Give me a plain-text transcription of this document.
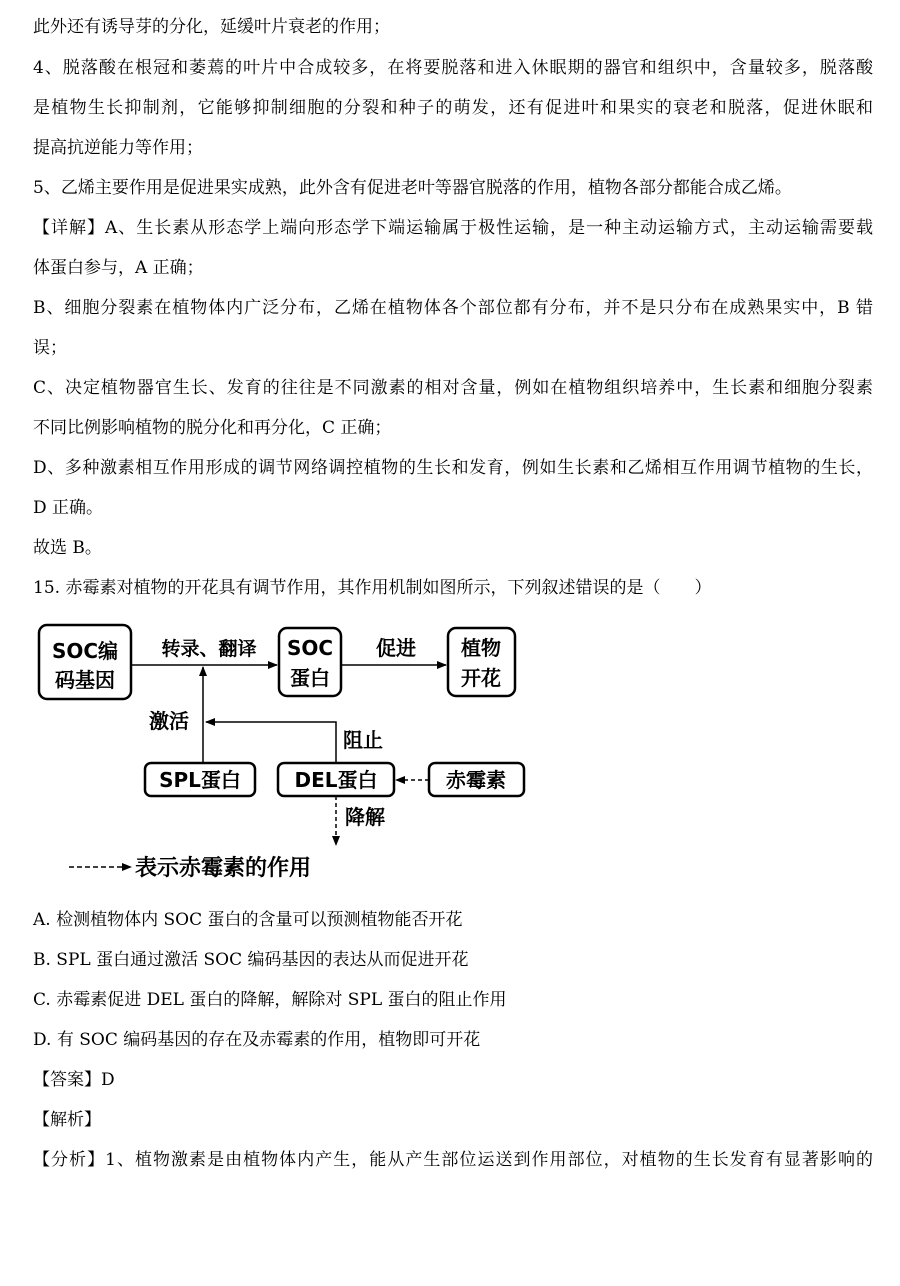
此外还有诱导芽的分化，延缓叶片衰老的作用；
4、脱落酸在根冠和萎蔫的叶片中合成较多，在将要脱落和进入休眠期的器官和组织中，含量较多，脱落酸
是植物生长抑制剂，它能够抑制细胞的分裂和种子的萌发，还有促进叶和果实的衰老和脱落，促进休眠和
提高抗逆能力等作用；
5、乙烯主要作用是促进果实成熟，此外含有促进老叶等器官脱落的作用，植物各部分都能合成乙烯。
【详解】A、生长素从形态学上端向形态学下端运输属于极性运输，是一种主动运输方式，主动运输需要载
体蛋白参与，A 正确；
B、细胞分裂素在植物体内广泛分布，乙烯在植物体各个部位都有分布，并不是只分布在成熟果实中，B 错
误；
C、决定植物器官生长、发育的往往是不同激素的相对含量，例如在植物组织培养中，生长素和细胞分裂素
不同比例影响植物的脱分化和再分化，C 正确；
D、多种激素相互作用形成的调节网络调控植物的生长和发育，例如生长素和乙烯相互作用调节植物的生长，
D 正确。
故选 B。
15. 赤霉素对植物的开花具有调节作用，其作用机制如图所示，下列叙述错误的是（　　）
SOC编
码基因
SOC
蛋白
植物
开花
SPL蛋白	DEL蛋白	赤霉素
转录、翻译	促进
激活
阻止
降解
表示赤霉素的作用
A. 检测植物体内 SOC 蛋白的含量可以预测植物能否开花
B. SPL 蛋白通过激活 SOC 编码基因的表达从而促进开花
C. 赤霉素促进 DEL 蛋白的降解，解除对 SPL 蛋白的阻止作用
D. 有 SOC 编码基因的存在及赤霉素的作用，植物即可开花
【答案】D
【解析】
【分析】1、植物激素是由植物体内产生，能从产生部位运送到作用部位，对植物的生长发育有显著影响的
